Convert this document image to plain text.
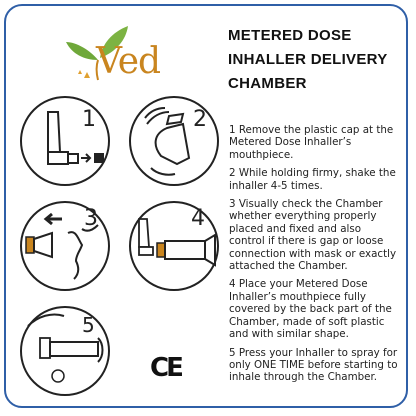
Ved
METERED DOSE
INHALLER DELIVERY
CHAMBER
1	2
3	4
5

1 Remove the plastic cap at the Metered Dose Inhaller’s mouthpiece.

2 While holding firmy, shake the inhaller 4-5 times.

3 Visually check the Chamber whether everything properly placed and fixed and also control if there is gap or loose connection with mask or exactly attached the Chamber.

4 Place your Metered Dose Inhaller’s mouthpiece fully covered by the back part of the Chamber, made of soft plastic and with similar shape.

5 Press your Inhaller to spray for only ONE TIME before starting to inhale through the Chamber.

CE
